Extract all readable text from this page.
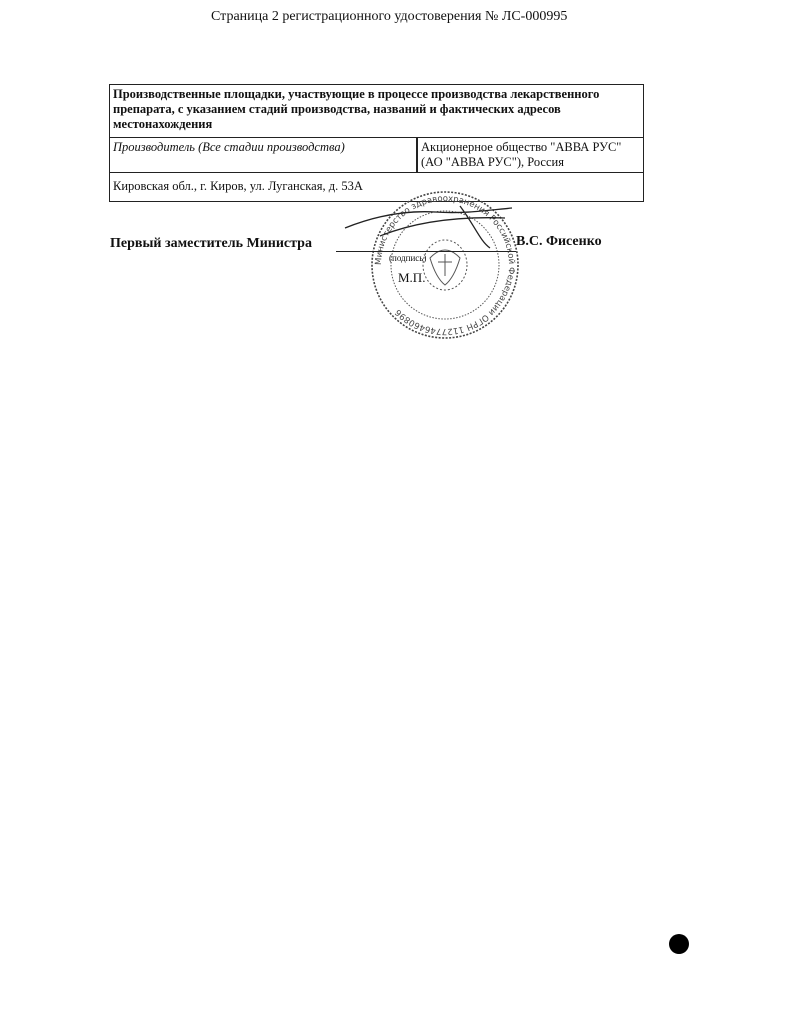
Страница 2 регистрационного удостоверения № ЛС-000995
Производственные площадки, участвующие в процессе производства лекарственного препарата, с указанием стадий производства, названий и фактических адресов местонахождения
Производитель (Все стадии производства)	Акционерное общество "АВВА РУС"
(АО "АВВА РУС"), Россия

Кировская обл., г. Киров, ул. Луганская, д. 53А
Министерство здравоохранения Российской Федерации ОГРН 1127746460896
Первый заместитель Министра
(подпись)
М.П.
В.С. Фисенко
